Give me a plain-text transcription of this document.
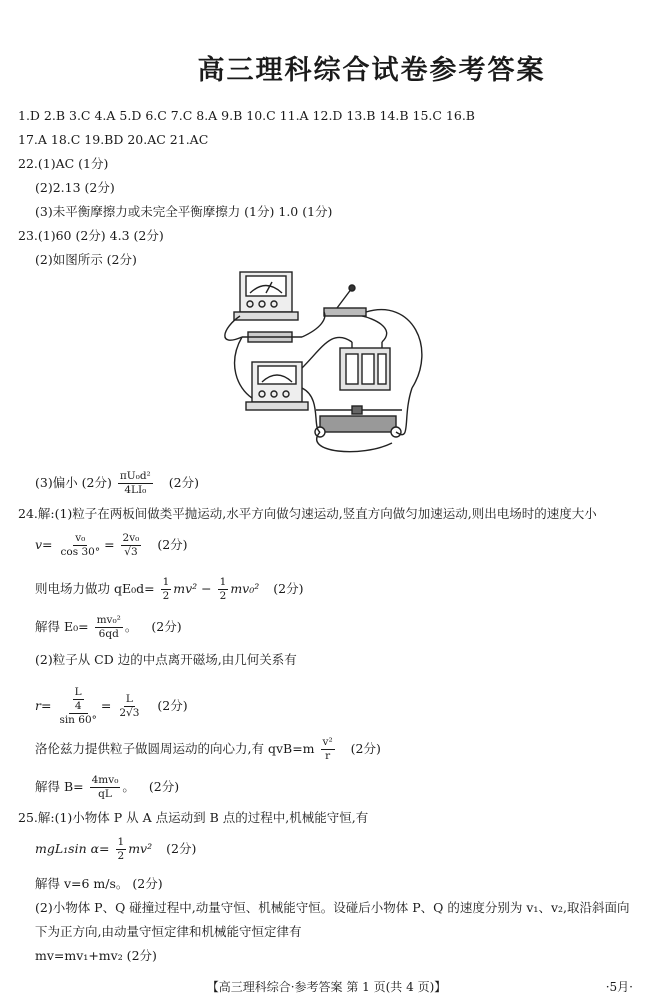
高三理科综合试卷参考答案
1.D 2.B 3.C 4.A 5.D 6.C 7.C 8.A 9.B 10.C 11.A 12.D 13.B 14.B 15.C 16.B
17.A 18.C 19.BD 20.AC 21.AC
22.(1)AC (1分)
(2)2.13 (2分)
(3)未平衡摩擦力或未完全平衡摩擦力 (1分) 1.0 (1分)
23.(1)60 (2分) 4.3 (2分)
(2)如图所示 (2分)
(3)偏小 (2分) $\frac{\text{πU₀d²}}{\text{4LI₀}} (2$分)
24.解:(1)粒子在两板间做类平抛运动,水平方向做匀速运动,竖直方向做匀加速运动,则出电场时的速度大小
$v= \frac{\text{v₀}}{\cos 30^\circ} = \frac{\text{2v₀}}{√3} (2$分)
则电场力做功 $qE_0d= \frac{1}{2} mv^2 - \frac{1}{2} mv_0^2$ (2分)
解得 $E_0= \frac{\text{mv₀²}}{6qd}$ 。 (2分)
(2)粒子从 CD 边的中点离开磁场,由几何关系有
$r= \frac{\frac{L}{4}}{\sin 60^\circ} = \frac{L}{2√3} (2$分)
洛伦兹力提供粒子做圆周运动的向心力,有 $qvB=m \frac{\text{v²}}{r} (2$分)
解得 $B= \frac{\text{4mv₀}}{qL}$ 。 (2分)
25.解:(1)小物体 P 从 A 点运动到 B 点的过程中,机械能守恒,有
mgL₁sin $\alpha= \frac{1}{2} mv^2$ (2分)
解得 v=6 m/s。 (2分)
(2)小物体 P、Q 碰撞过程中,动量守恒、机械能守恒。设碰后小物体 P、Q 的速度分别为 v₁、v₂,取沿斜面向
下为正方向,由动量守恒定律和机械能守恒定律有
mv=mv₁+mv₂ (2分)
【高三理科综合·参考答案 第 1 页(共 4 页)】	·5月·
